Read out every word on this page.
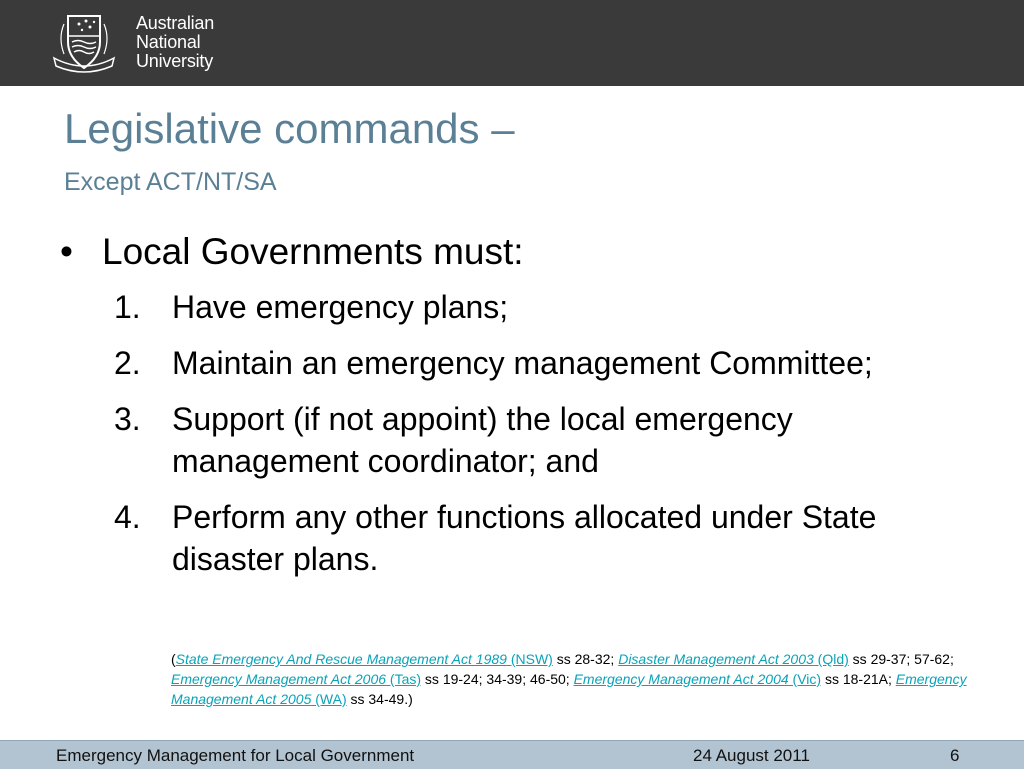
Australian
National
University
Legislative commands –
Except ACT/NT/SA
• Local Governments must:
1. Have emergency plans;
2. Maintain an emergency management Committee;
3. Support (if not appoint) the local emergency management coordinator; and
4. Perform any other functions allocated under State disaster plans.
(State Emergency And Rescue Management Act 1989 (NSW) ss 28-32; Disaster Management Act 2003 (Qld) ss 29-37; 57-62; Emergency Management Act 2006 (Tas) ss 19-24; 34-39; 46-50; Emergency Management Act 2004 (Vic) ss 18-21A; Emergency Management Act 2005 (WA) ss 34-49.)
Emergency Management for Local Government	24 August 2011	6
